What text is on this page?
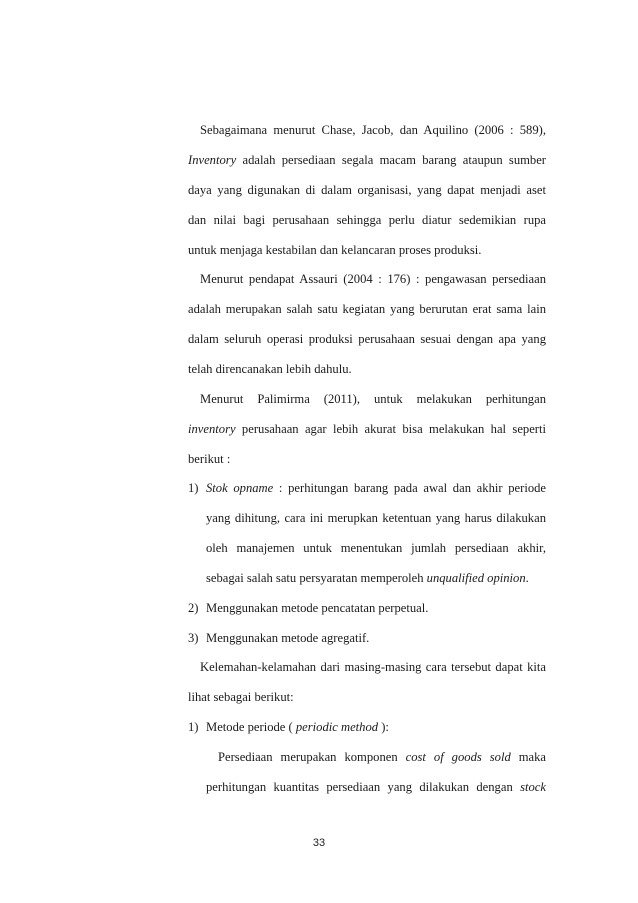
Sebagaimana menurut Chase, Jacob, dan Aquilino (2006 : 589),
Inventory adalah persediaan segala macam barang ataupun sumber
daya yang digunakan di dalam organisasi, yang dapat menjadi aset
dan nilai bagi perusahaan sehingga perlu diatur sedemikian rupa
untuk menjaga kestabilan dan kelancaran proses produksi.
Menurut pendapat Assauri (2004 : 176) : pengawasan persediaan
adalah merupakan salah satu kegiatan yang berurutan erat sama lain
dalam seluruh operasi produksi perusahaan sesuai dengan apa yang
telah direncanakan lebih dahulu.
Menurut Palimirma (2011), untuk melakukan perhitungan
inventory perusahaan agar lebih akurat bisa melakukan hal seperti
berikut :
1) Stok opname : perhitungan barang pada awal dan akhir periode
yang dihitung, cara ini merupkan ketentuan yang harus dilakukan
oleh manajemen untuk menentukan jumlah persediaan akhir,
sebagai salah satu persyaratan memperoleh unqualified opinion.
2) Menggunakan metode pencatatan perpetual.
3) Menggunakan metode agregatif.
Kelemahan-kelamahan dari masing-masing cara tersebut dapat kita
lihat sebagai berikut:
1) Metode periode ( periodic method ):
Persediaan merupakan komponen cost of goods sold maka
perhitungan kuantitas persediaan yang dilakukan dengan stock
33
